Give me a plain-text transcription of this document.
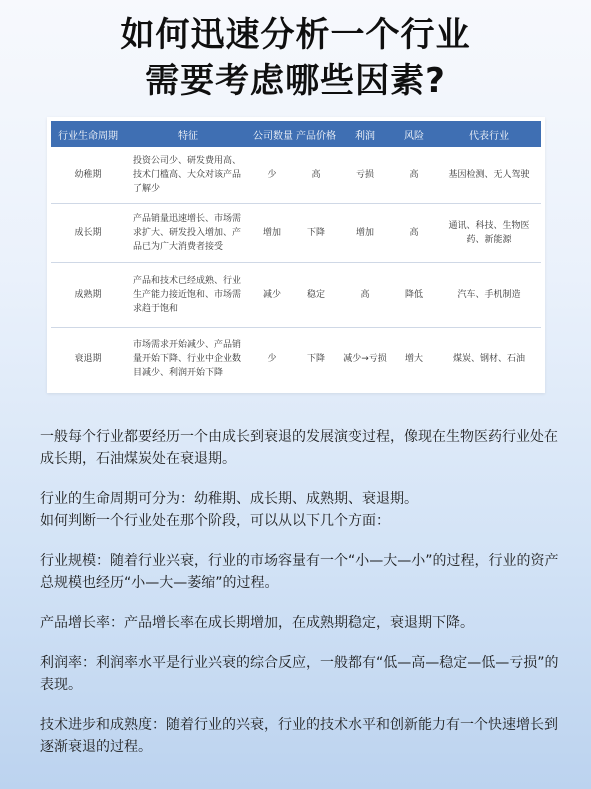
如何迅速分析一个行业
需要考虑哪些因素?
行业生命周期	特征	公司数量	产品价格	利润	风险	代表行业
幼稚期	投资公司少、研发费用高、技术门槛高、大众对该产品了解少	少	高	亏损	高	基因检测、无人驾驶
成长期	产品销量迅速增长、市场需求扩大、研发投入增加、产品已为广大消费者接受	增加	下降	增加	高	通讯、科技、生物医药、新能源
成熟期	产品和技术已经成熟、行业生产能力接近饱和、市场需求趋于饱和	减少	稳定	高	降低	汽车、手机制造
衰退期	市场需求开始减少、产品销量开始下降、行业中企业数目减少、利润开始下降	少	下降	减少→亏损	增大	煤炭、钢材、石油

一般每个行业都要经历一个由成长到衰退的发展演变过程，像现在生物医药行业处在成长期，石油煤炭处在衰退期。

行业的生命周期可分为：幼稚期、成长期、成熟期、衰退期。
如何判断一个行业处在那个阶段，可以从以下几个方面：

行业规模：随着行业兴衰，行业的市场容量有一个“小—大—小”的过程，行业的资产总规模也经历“小—大—萎缩”的过程。

产品增长率：产品增长率在成长期增加，在成熟期稳定，衰退期下降。

利润率：利润率水平是行业兴衰的综合反应，一般都有“低—高—稳定—低—亏损”的表现。

技术进步和成熟度：随着行业的兴衰，行业的技术水平和创新能力有一个快速增长到逐渐衰退的过程。
